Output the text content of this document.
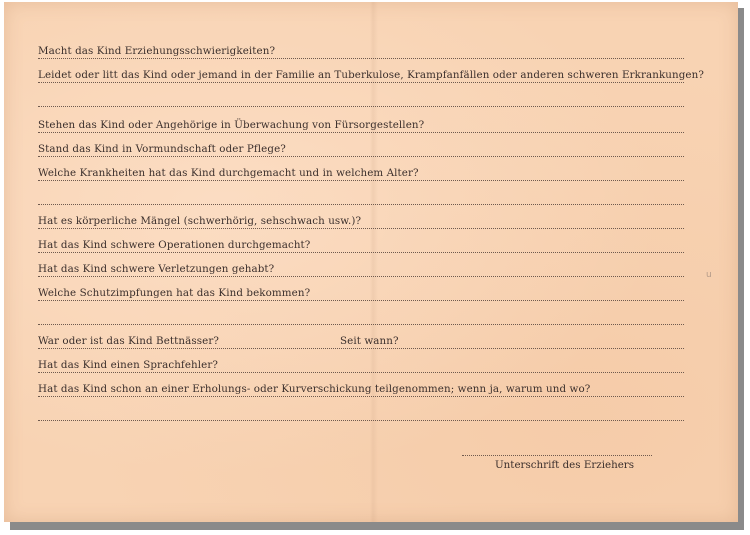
Macht das Kind Erziehungsschwierigkeiten?
Leidet oder litt das Kind oder jemand in der Familie an Tuberkulose, Krampfanfällen oder anderen schweren Erkrankungen?
Stehen das Kind oder Angehörige in Überwachung von Fürsorgestellen?
Stand das Kind in Vormundschaft oder Pflege?
Welche Krankheiten hat das Kind durchgemacht und in welchem Alter?
Hat es körperliche Mängel (schwerhörig, sehschwach usw.)?
Hat das Kind schwere Operationen durchgemacht?
Hat das Kind schwere Verletzungen gehabt?
Welche Schutzimpfungen hat das Kind bekommen?
War oder ist das Kind Bettnässer?	Seit wann?
Hat das Kind einen Sprachfehler?
Hat das Kind schon an einer Erholungs- oder Kurverschickung teilgenommen; wenn ja, warum und wo?
Unterschrift des Erziehers
u
